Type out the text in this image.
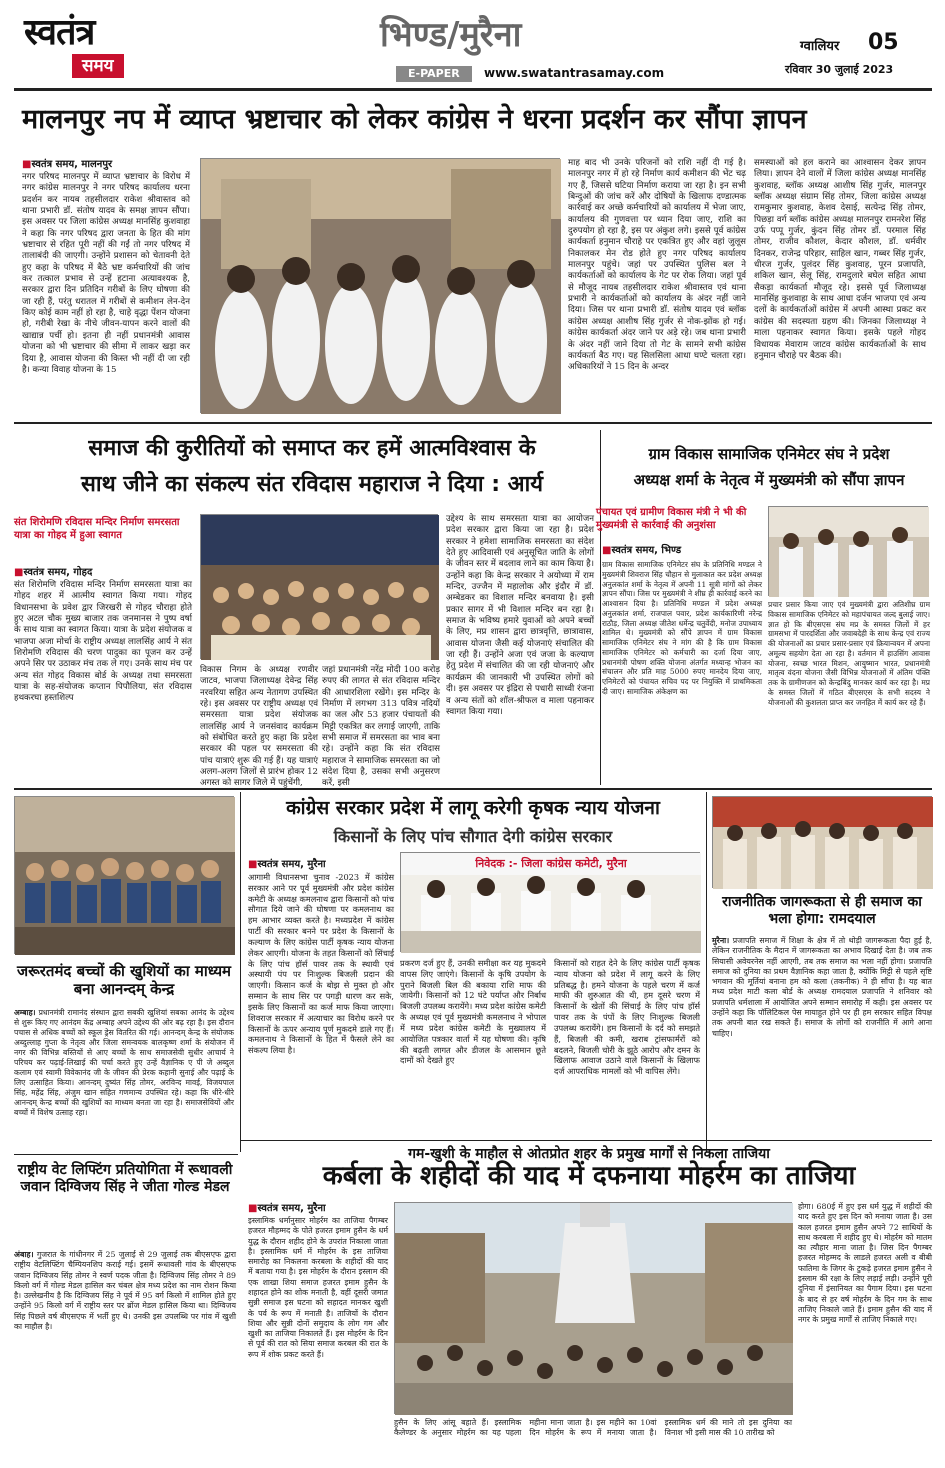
स्वतंत्र
समय
भिण्ड/मुरैना
E-PAPER	www.swatantrasamay.com
ग्वालियर 05
रविवार 30 जुलाई 2023
मालनपुर नप में व्याप्त भ्रष्टाचार को लेकर कांग्रेस ने धरना प्रदर्शन कर सौंपा ज्ञापन
■ स्वतंत्र समय, मालनपुर
नगर परिषद मालनपुर में व्याप्त भ्रष्टाचार के विरोध में नगर कांग्रेस मालनपुर ने नगर परिषद कार्यालय धरना प्रदर्शन कर नायब तहसीलदार राकेश श्रीवास्तव को थाना प्रभारी डॉ. संतोष यादव के समक्ष ज्ञापन सौंपा। इस अवसर पर जिला कांग्रेस अध्यक्ष मानसिंह कुशवाहा ने कहा कि नगर परिषद द्वारा जनता के हित की मांग भ्रष्टाचार से रहित पूरी नहीं की गईं तो नगर परिषद में तालाबंदी की जाएगी। उन्होंने प्रशासन को चेतावनी देते हुए कहा के परिषद में बैठे भ्रष्ट कर्मचारियों की जांच कर तत्काल प्रभाव से उन्हें हटाना अत्यावश्यक है, सरकार द्वारा दिन प्रतिदिन गरीबों के लिए घोषणा की जा रही हैं, परंतु धरातल में गरीबों से कमीशन लेन-देन किए कोई काम नहीं हो रहा है, चाहे वृद्धा पेंशन योजना हो, गरीबी रेखा के नीचे जीवन-यापन करने वालों की खाद्यान्न पर्ची हो। इतना ही नहीं प्रधानमंत्री आवास योजना को भी भ्रष्टाचार की सीमा में लाकर खड़ा कर दिया है, आवास योजना की किस्त भी नहीं दी जा रही है। कन्या विवाह योजना के 15
माह बाद भी उनके परिजनों को राशि नहीं दी गई है। मालनपुर नगर में हो रहे निर्माण कार्य कमीशन की भेंट चढ़ गए हैं, जिससे घटिया निर्माण कराया जा रहा है। इन सभी बिन्दुओं की जांच करें और दोषियों के खिलाफ दण्डात्मक कार्रवाई कर अच्छे कर्मचारियों को कार्यालय में भेजा जाए, कार्यालय की गुणवत्ता पर ध्यान दिया जाए, राशि का दुरुपयोग हो रहा है, इस पर अंकुश लगे। इससे पूर्व कांग्रेस कार्यकर्ता हनुमान चौराहे पर एकत्रित हुए और वहां जुलूस निकालकर मेन रोड होते हुए नगर परिषद कार्यालय मालनपुर पहुंचे। जहां पर उपस्थित पुलिस बल ने कार्यकर्ताओं को कार्यालय के गेट पर रोक लिया। जहां पूर्व से मौजूद नायब तहसीलदार राकेश श्रीवास्तव एवं थाना प्रभारी ने कार्यकर्ताओं को कार्यालय के अंदर नहीं जाने दिया। जिस पर थाना प्रभारी डॉ. संतोष यादव एवं ब्लॉक कांग्रेस अध्यक्ष आशीष सिंह गुर्जर से नोक-झोंक हो गई। कांग्रेस कार्यकर्ता अंदर जाने पर अड़े रहे। जब थाना प्रभारी के अंदर नहीं जाने दिया तो गेट के सामने सभी कांग्रेस कार्यकर्ता बैठ गए। यह सिलसिला आधा घण्टे चलता रहा। अधिकारियों ने 15 दिन के अन्दर
समस्याओं को हल कराने का आश्वासन देकर ज्ञापन लिया। ज्ञापन देने वालों में जिला कांग्रेस अध्यक्ष मानसिंह कुशवाह, ब्लॉक अध्यक्ष आशीष सिंह गुर्जर, मालनपुर ब्लॉक अध्यक्ष संग्राम सिंह तोमर, जिला कांग्रेस अध्यक्ष रामकुमार कुशवाह, केशव देसाई, सत्येन्द्र सिंह तोमर, पिछड़ा वर्ग ब्लॉक कांग्रेस अध्यक्ष मालनपुर रामनरेश सिंह उर्फ पप्पू गुर्जर, कुंदन सिंह तोमर डॉ. परमाल सिंह तोमर, राजीव कौशल, केदार कौशल, डॉ. धर्मवीर दिनकर, राजेन्द्र परिहार, साहिल खान, गब्बर सिंह गुर्जर, धीरज गुर्जर, पुलंदर सिंह कुशवाह, पूरन प्रजापति, शकिल खान, सेलू सिंह, रामदुलारे बघेल सहित आधा सैकड़ा कार्यकर्ता मौजूद रहे। इससे पूर्व जिलाध्यक्ष मानसिंह कुशवाहा के साथ आधा दर्जन भाजपा एवं अन्य दलों के कार्यकर्ताओं कांग्रेस में अपनी आस्था प्रकट कर कांग्रेस की सदस्यता ग्रहण की। जिनका जिलाध्यक्ष ने माला पहनाकर स्वागत किया। इसके पहले गोहद विधायक मेवाराम जाटव कांग्रेस कार्यकर्ताओं के साथ हनुमान चौराहे पर बैठक की।
समाज की कुरीतियों को समाप्त कर हमें आत्मविश्वास के
साथ जीने का संकल्प संत रविदास महाराज ने दिया : आर्य
संत शिरोमणि रविदास मन्दिर निर्माण समरसता यात्रा का गोहद में हुआ स्वागत
■ स्वतंत्र समय, गोहद
संत शिरोमणि रविदास मन्दिर निर्माण समरसता यात्रा का गोहद शहर में आत्मीय स्वागत किया गया। गोहद विधानसभा के प्रवेश द्वार जिरखरी से गोहद चौराहा होते हुए अटल चौक मुख्य बाजार तक जनमानस ने पुष्प वर्षा के साथ यात्रा का स्वागत किया। यात्रा के प्रदेश संयोजक व भाजपा अजा मोर्चा के राष्ट्रीय अध्यक्ष लालसिंह आर्य ने संत शिरोमणि रविदास की चरण पादुका का पूजन कर उन्हें अपने सिर पर उठाकर मंच तक ले गए। उनके साथ मंच पर अन्य संत गोहद विकास बोर्ड के अध्यक्ष तथा समरसता यात्रा के सह-संयोजक कप्तान पिपौलिया, संत रविदास हथकरघा हस्तशिल्प
विकास निगम के अध्यक्ष रणवीर जाटव, भाजपा जिलाध्यक्ष देवेन्द्र सिंह नरवरिया सहित अन्य नेतागण उपस्थित रहे। इस अवसर पर राष्ट्रीय अध्यक्ष एवं समरसता यात्रा प्रदेश संयोजक लालसिंह आर्य ने जनसंवाद कार्यक्रम को संबोधित करते हुए कहा कि प्रदेश सरकार की पहल पर समरसता की पांच यात्राएं शुरू की गई हैं। यह यात्राएं अलग-अलग जिलों से प्रारंभ होकर 12 अगस्त को सागर जिले में पहुंचेंगी,
जहां प्रधानमंत्री नरेंद्र मोदी 100 करोड़ रुपए की लागत से संत रविदास मन्दिर की आधारशिला रखेंगे। इस मन्दिर के निर्माण में लगभग 313 पवित्र नदियों का जल और 53 हजार पंचायतों की मिट्टी एकत्रित कर लगाई जाएगी, ताकि सभी समाज में समरसता का भाव बना रहे। उन्होंने कहा कि संत रविदास महाराज ने सामाजिक समरसता का जो संदेश दिया है, उसका सभी अनुसरण करें, इसी
उद्देश्य के साथ समरसता यात्रा का आयोजन प्रदेश सरकार द्वारा किया जा रहा है। प्रदेश सरकार ने हमेशा सामाजिक समरसता का संदेश देते हुए आदिवासी एवं अनुसूचित जाति के लोगों के जीवन स्तर में बदलाव लाने का काम किया है। उन्होंने कहा कि केन्द्र सरकार ने अयोध्या में राम मन्दिर, उज्जैन में महालोक और इंदौर में डॉ. अम्बेडकर का विशाल मन्दिर बनवाया है। इसी प्रकार सागर में भी विशाल मन्दिर बन रहा है। समाज के भविष्य हमारे युवाओं को अपने बच्चों के लिए, मप्र शासन द्वारा छात्रवृत्ति, छात्रावास, आवास योजना जैसी कई योजनाएं संचालित की जा रही हैं। उन्होंने अजा एवं जजा के कल्याण हेतु प्रदेश में संचालित की जा रही योजनाएं और कार्यक्रम की जानकारी भी उपस्थित लोगों को दी। इस अवसर पर इंद्रिरा से पधारी साध्वी रंजना व अन्य संतों को शॉल-श्रीफल व माला पहनाकर स्वागत किया गया।
ग्राम विकास सामाजिक एनिमेटर संघ ने प्रदेश
अध्यक्ष शर्मा के नेतृत्व में मुख्यमंत्री को सौंपा ज्ञापन
पंचायत एवं ग्रामीण विकास मंत्री ने भी की मुख्यमंत्री से कार्रवाई की अनुशंसा
■ स्वतंत्र समय, भिण्ड
ग्राम विकास सामाजिक एनिमेटर संघ के प्रतिनिधि मण्डल ने मुख्यमंत्री शिवराज सिंह चौहान से मुलाकात कर प्रदेश अध्यक्ष अनुलकांत शर्मा के नेतृत्व में अपनी 11 सूत्री मांगों को लेकर ज्ञापन सौंपा। जिस पर मुख्यमंत्री ने शीघ्र ही कार्रवाई करने का आश्वासन दिया है। प्रतिनिधि मण्डल में प्रदेश अध्यक्ष अनुलकांत शर्मा, राजपाल पवार, प्रदेश कार्यकारिणी नरेन्द्र राठौड़, जिला अध्यक्ष जीतेश धर्मेन्द्र चतुर्वेदी, मनोज उपाध्याय शामिल थे। मुख्यमंत्री को सौंपे ज्ञापन में ग्राम विकास सामाजिक एनिमेटर संघ ने मांग की है कि ग्राम विकास सामाजिक एनिमेटर को कर्मचारी का दर्जा दिया जाए, प्रधानमंत्री पोषण शक्ति योजना अंतर्गत मध्यान्ह भोजन का संचालन और प्रति माह 5000 रुपए मानदेय दिया जाए, एनिमेटरों को पंचायत सचिव पद पर नियुक्ति में प्राथमिकता दी जाए। सामाजिक अंकेक्षण का
प्रचार प्रसार किया जाए एवं मुख्यमंत्री द्वारा अतिशीघ्र ग्राम विकास सामाजिक एनिमेटर को महापंचायत जल्द बुलाई जाए। ज्ञात हो कि बीएसएस संघ मप्र के समस्त जिलों में हर ग्रामसभा में पारदर्शिता और जवाबदेही के साथ केन्द्र एवं राज्य की योजनाओं का प्रचार प्रसार-प्रसार एवं क्रियान्वयन में अपना अमूल्य सहयोग देता आ रहा है। वर्तमान में हाउसिंग आवास योजना, स्वच्छ भारत मिशन, आयुष्मान भारत, प्रधानमंत्री मातृत्व वंदना योजना जैसी विभिन्न योजनाओं में अंतिम पंक्ति तक के ग्रामीणजन को केन्द्रबिंदु मानकर कार्य कर रहा है। मप्र के समस्त जिलों में गठित बीएसएस के सभी सदस्य ने योजनाओं की कुशलता प्राप्त कर जनहित में कार्य कर रहे हैं।
जरूरतमंद बच्चों की खुशियों का माध्यम बना आनन्दम् केन्द्र
अम्बाह। प्रधानमंत्री रामानंद संस्थान द्वारा सबकी खुशियां सबका आनंद के उद्देश्य से शुरू किए गए आनंदम केंद्र अम्बाह अपने उद्देश्य की ओर बढ़ रहा है। इस दौरान पचास से अधिक बच्चों को स्कूल ड्रेस वितरित की गई। आनन्दम् केन्द्र के संयोजक अब्दुल्लाह गुप्ता के नेतृत्व और जिला समन्वयक बालकृष्ण शर्मा के संयोजन में नगर की विभिन्न बस्तियों से आए बच्चों के साथ समाजसेवी सुधीर आचार्य ने परिचय कर पढ़ाई-लिखाई की चर्चा करते हुए उन्हें वैज्ञानिक ए पी जे अब्दुल कलाम एवं स्वामी विवेकानंद जी के जीवन की प्रेरक कहानी सुनाई और पढ़ाई के लिए उत्साहित किया। आनन्दम् दुष्यंत सिंह तोमर, अरविन्द मावई, विजयपाल सिंह, महेंद्र सिंह, अंजुम खान सहित गणमान्य उपस्थित रहे। कहा कि धीरे-धीरे आनन्दम् केन्द्र बच्चों की खुशियों का माध्यम बनता जा रहा है। समाजसेवियों और बच्चों में विशेष उत्साह रहा।
कांग्रेस सरकार प्रदेश में लागू करेगी कृषक न्याय योजना
किसानों के लिए पांच सौगात देगी कांग्रेस सरकार
■ स्वतंत्र समय, मुरैना
आगामी विधानसभा चुनाव -2023 में कांग्रेस सरकार आने पर पूर्व मुख्यमंत्री और प्रदेश कांग्रेस कमेटी के अध्यक्ष कमलनाथ द्वारा किसानों को पांच सौगात दिये जाने की घोषणा पर कमलनाथ का हम आभार व्यक्त करते है। मध्यप्रदेश में कांग्रेस पार्टी की सरकार बनने पर प्रदेश के किसानों के कल्याण के लिए कांग्रेस पार्टी कृषक न्याय योजना लेकर आएगी। योजना के तहत किसानों को सिंचाई के लिए पांच हॉर्स पावर तक के स्थायी एवं अस्थायी पंप पर निःशुल्क बिजली प्रदान की जाएगी। किसान कर्ज के बोझ से मुक्त हो और सम्मान के साथ सिर पर पगड़ी धारण कर सके, इसके लिए किसानों का कर्ज माफ किया जाएगा। शिवराज सरकार में अत्याचार का विरोध करने पर किसानों के ऊपर अन्याय पूर्ण मुकदमे डाले गए हैं। कमलनाथ ने किसानों के हित में फैसले लेने का संकल्प लिया है।
निवेदक :- जिला कांग्रेस कमेटी, मुरैना
प्रकरण दर्ज हुए हैं, उनकी समीक्षा कर यह मुकदमे वापस लिए जाएंगे। किसानों के कृषि उपयोग के पुराने बिजली बिल की बकाया राशि माफ की जायेगी। किसानों को 12 घंटे पर्याप्त और निर्बाध बिजली उपलब्ध करायेंगे। मध्य प्रदेश कांग्रेस कमेटी के अध्यक्ष एवं पूर्व मुख्यमंत्री कमलनाथ ने भोपाल में मध्य प्रदेश कांग्रेस कमेटी के मुख्यालय में आयोजित पत्रकार वार्ता में यह घोषणा की। कृषि की बढ़ती लागत और डीजल के आसमान छूते दामों को देखते हुए
किसानों को राहत देने के लिए कांग्रेस पार्टी कृषक न्याय योजना को प्रदेश में लागू करने के लिए प्रतिबद्ध है। हमने योजना के पहले चरण में कर्ज माफी की शुरुआत की थी, हम दूसरे चरण में किसानों के खेतों की सिंचाई के लिए पांच हॉर्स पावर तक के पंपों के लिए निःशुल्क बिजली उपलब्ध करायेंगे। हम किसानों के दर्द को समझते हैं, बिजली की कमी, खराब ट्रांसफार्मरों को बदलने, बिजली चोरी के झूठे आरोप और दमन के खिलाफ आवाज उठाने वाले किसानों के खिलाफ दर्ज आपराधिक मामलों को भी वापिस लेंगे।
राजनीतिक जागरूकता से ही समाज का भला होगा: रामदयाल
मुरैना। प्रजापति समाज में शिक्षा के क्षेत्र में तो थोड़ी जागरूकता पैदा हुई है, लेकिन राजनीतिक के मैदान में जागरूकता का अभाव दिखाई देता है। जब तक सियासी अवेयरनेस नहीं आएगी, तब तक समाज का भला नहीं होगा। प्रजापति समाज को दुनिया का प्रथम वैज्ञानिक कहा जाता है, क्योंकि मिट्टी से पहले सृष्टि भगवान की मूर्तियां बनाना हम को कला (तकनीक) ने ही सौंपा है। यह बात मध्य प्रदेश माटी कला बोर्ड के अध्यक्ष रामदयाल प्रजापति ने शनिवार को प्रजापति धर्मशाला में आयोजित अपने सम्मान समारोह में कही। इस अवसर पर उन्होंने कहा कि पॉलिटिकल पेस मायाहुत होने पर ही हम सरकार सहित विपक्ष तक अपनी बात रख सकते हैं। समाज के लोगों को राजनीति में आगे आना चाहिए।
गम-खुशी के माहौल से ओतप्रोत शहर के प्रमुख मार्गों से निकला ताजिया
कर्बला के शहीदों की याद में दफनाया मोहर्रम का ताजिया
■ स्वतंत्र समय, मुरैना
इस्लामिक धर्मानुसार मोहर्रम का ताजिया पैगम्बर हजरत मौहम्मद के पोते हजरत इमाम हुसैन के धर्म युद्ध के दौरान शहीद होने के उपरांत निकाला जाता है। इस्लामिक धर्म में मोहर्रम के इस ताजिया समारोह का निकलना करबला के शहीदों की याद में बताया गया है। इस मोहर्रम के दौरान इस्लाम की एक शाखा शिया समाज हजरत इमाम हुसैन के शहादत होने का शोक मनाती है, वहीं दूसरी जमात सुन्नी समाज इस घटना को सहादत मानकर खुशी के पर्व के रूप में मनाती है। ताजियों के दौरान शिया और सुन्नी दोनों समुदाय के लोग गम और खुशी का ताजिया निकालते हैं। इस मोहर्रम के दिन से पूर्व की रात को सिया समाज करबल की रात के रूप में शोक प्रकट करते हैं।
हुसैन के लिए आंसू बहाते हैं। इस्लामिक कैलेण्डर के अनुसार मोहर्रम का यह पहला महीना माना जाता है। इस महीने का 10वां दिन मोहर्रम के रूप में मनाया जाता है। इस्लामिक धर्म की माने तो इस दुनिया का विनाश भी इसी मास की 10 तारीख को
होगा। 680ई में हुए इस धर्म युद्ध में शहीदों की याद करते हुए इस दिन को मनाया जाता है। उस काल हजरत इमाम हुसैन अपने 72 साथियों के साथ करबला में शहीद हुए थे। मोहर्रम को मातम का त्यौहार माना जाता है। जिस दिन पैगम्बर हजरत मोहम्मद के लाडले हजरत अली व बीबी फातिमा के जिगर के टुकड़े हजरत इमाम हुसैन ने इस्लाम की रक्षा के लिए लड़ाई लड़ी। उन्होंने पूरी दुनिया में इंसानियत का पैगाम दिया। इस घटना के बाद से हर वर्ष मोहर्रम के दिन गम के साथ ताजिए निकाले जाते हैं। इमाम हुसैन की याद में नगर के प्रमुख मार्गों से ताजिए निकाले गए।
राष्ट्रीय वेट लिफ्टिंग प्रतियोगिता में रूधावली जवान दिग्विजय सिंह ने जीता गोल्ड मेडल
अंबाह। गुजरात के गांधीनगर में 25 जुलाई से 29 जुलाई तक बीएसएफ द्वारा राष्ट्रीय वेटलिफ्टिंग चैम्पियनशिप कराई गई। इसमें रूधावली गांव के बीएसएफ जवान दिग्विजय सिंह तोमर ने स्वर्ण पदक जीता है। दिग्विजय सिंह तोमर ने 89 किलो वर्ग में गोल्ड मेडल हासिल कर चंबल क्षेत्र मध्य प्रदेश का नाम रोशन किया है। उल्लेखनीय है कि दिग्विजय सिंह ने पूर्व में 95 वर्ग किलो में शामिल होते हुए उन्होंने 95 किलो वर्ग में राष्ट्रीय स्तर पर ब्रोंज मेडल हासिल किया था। दिग्विजय सिंह पिछले वर्ष बीएसएफ में भर्ती हुए थे। उनकी इस उपलब्धि पर गांव में खुशी का माहौल है।
